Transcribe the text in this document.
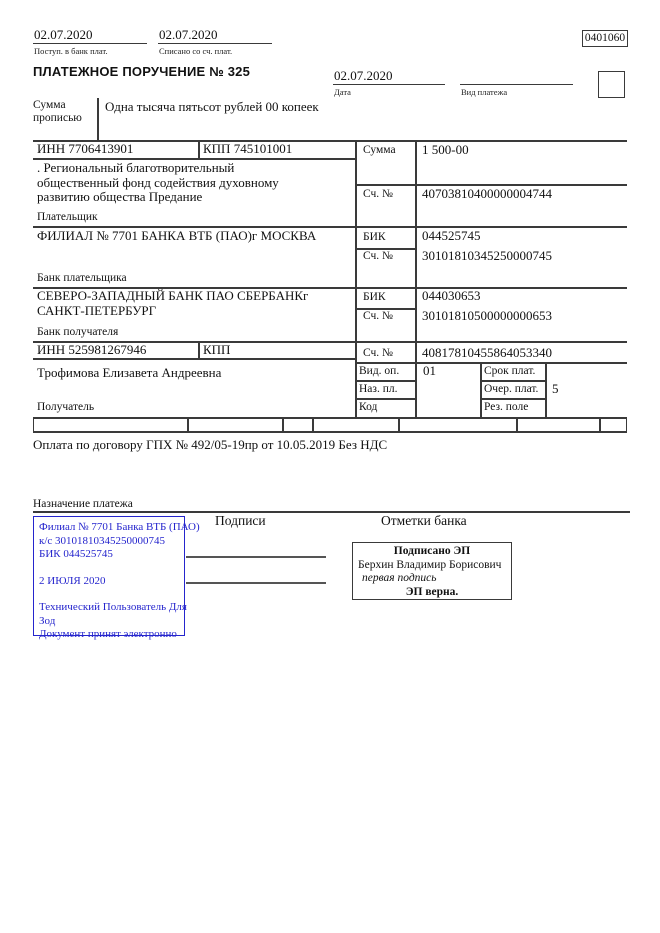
02.07.2020
Поступ. в банк плат.
02.07.2020
Списано со сч. плат.
0401060
ПЛАТЕЖНОЕ ПОРУЧЕНИЕ № 325	02.07.2020
Дата	Вид платежа
Сумма прописью
Одна тысяча пятьсот рублей 00 копеек
ИНН 7706413901	КПП 745101001	Сумма 1 500-00
. Региональный благотворительный общественный фонд содействия духовному развитию общества Предание
Плательщик
Сч. № 40703810400000004744
ФИЛИАЛ № 7701 БАНКА ВТБ (ПАО)г МОСКВА
Банк плательщика
БИК	044525745
Сч. № 30101810345250000745
СЕВЕРО-ЗАПАДНЫЙ БАНК ПАО СБЕРБАНКг САНКТ-ПЕТЕРБУРГ
Банк получателя
БИК	044030653
Сч. № 30101810500000000653
ИНН 525981267946	КПП	Сч. № 40817810455864053340
Трофимова Елизавета Андреевна
Получатель
Вид. оп. 01	Срок плат.
Наз. пл.	Очер. плат. 5
Код	Рез. поле
Оплата по договору ГПХ № 492/05-19пр от 10.05.2019 Без НДС
Назначение платежа
Филиал № 7701 Банка ВТБ (ПАО)
к/с 30101810345250000745
БИК 044525745
2 ИЮЛЯ 2020
Технический Пользователь Для
Зод
Документ принят электронно
Подписи	Отметки банка
Подписано ЭП
Берхин Владимир Борисович
первая подпись
ЭП верна.
